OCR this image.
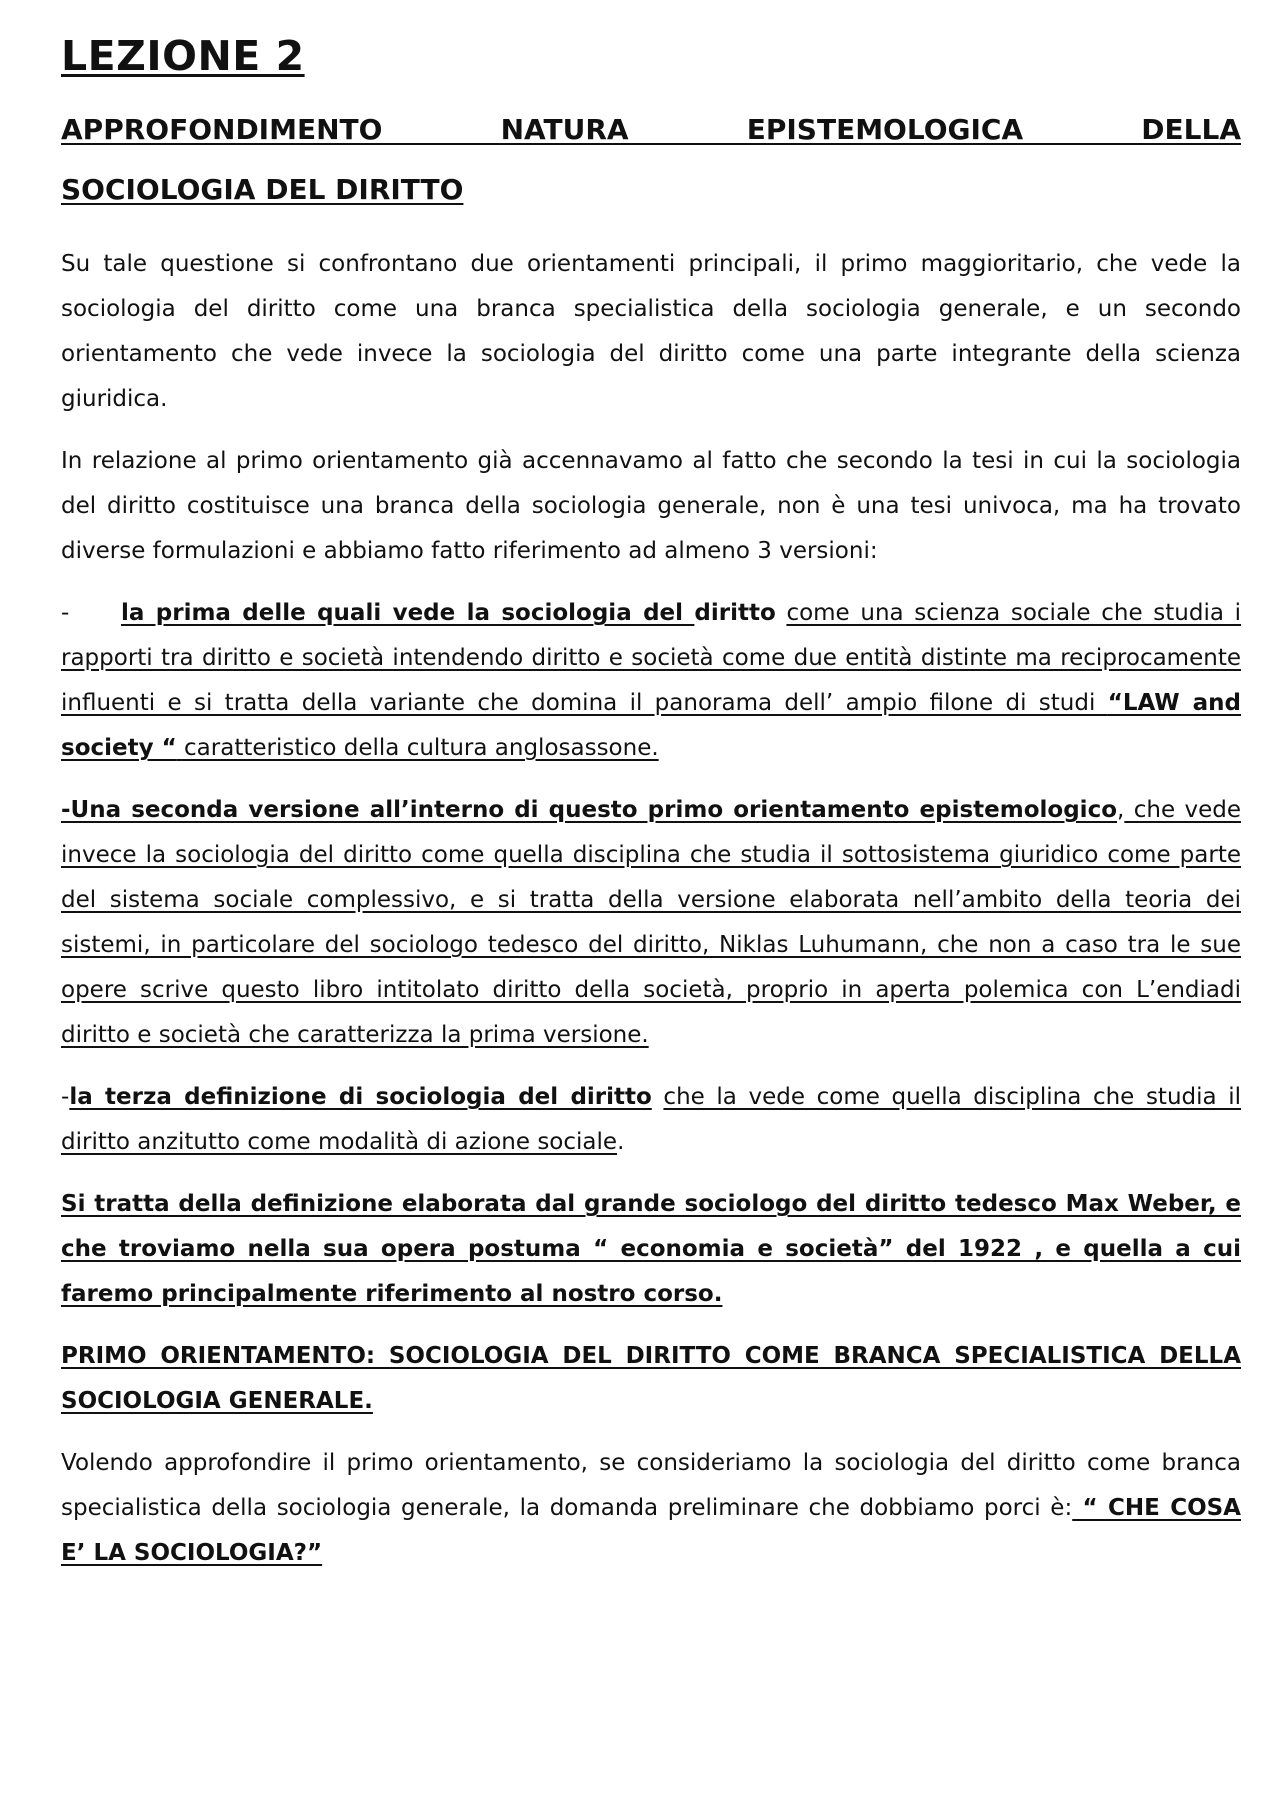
LEZIONE 2
APPROFONDIMENTO NATURA EPISTEMOLOGICA DELLA
SOCIOLOGIA DEL DIRITTO

Su tale questione si confrontano due orientamenti principali, il primo maggioritario, che vede la sociologia del diritto come una branca specialistica della sociologia generale, e un secondo orientamento che vede invece la sociologia del diritto come una parte integrante della scienza giuridica.

In relazione al primo orientamento già accennavamo al fatto che secondo la tesi in cui la sociologia del diritto costituisce una branca della sociologia generale, non è una tesi univoca, ma ha trovato diverse formulazioni e abbiamo fatto riferimento ad almeno 3 versioni:

- la prima delle quali vede la sociologia del diritto come una scienza sociale che studia i rapporti tra diritto e società intendendo diritto e società come due entità distinte ma reciprocamente influenti e si tratta della variante che domina il panorama dell’ ampio filone di studi “LAW and society “ caratteristico della cultura anglosassone.

-Una seconda versione all’interno di questo primo orientamento epistemologico, che vede invece la sociologia del diritto come quella disciplina che studia il sottosistema giuridico come parte del sistema sociale complessivo, e si tratta della versione elaborata nell’ambito della teoria dei sistemi, in particolare del sociologo tedesco del diritto, Niklas Luhumann, che non a caso tra le sue opere scrive questo libro intitolato diritto della società, proprio in aperta polemica con L’endiadi diritto e società che caratterizza la prima versione.

-la terza definizione di sociologia del diritto che la vede come quella disciplina che studia il diritto anzitutto come modalità di azione sociale.

Si tratta della definizione elaborata dal grande sociologo del diritto tedesco Max Weber, e che troviamo nella sua opera postuma “ economia e società” del 1922 , e quella a cui faremo principalmente riferimento al nostro corso.

PRIMO ORIENTAMENTO: SOCIOLOGIA DEL DIRITTO COME BRANCA SPECIALISTICA DELLA SOCIOLOGIA GENERALE.

Volendo approfondire il primo orientamento, se consideriamo la sociologia del diritto come branca specialistica della sociologia generale, la domanda preliminare che dobbiamo porci è: “ CHE COSA E’ LA SOCIOLOGIA?”
